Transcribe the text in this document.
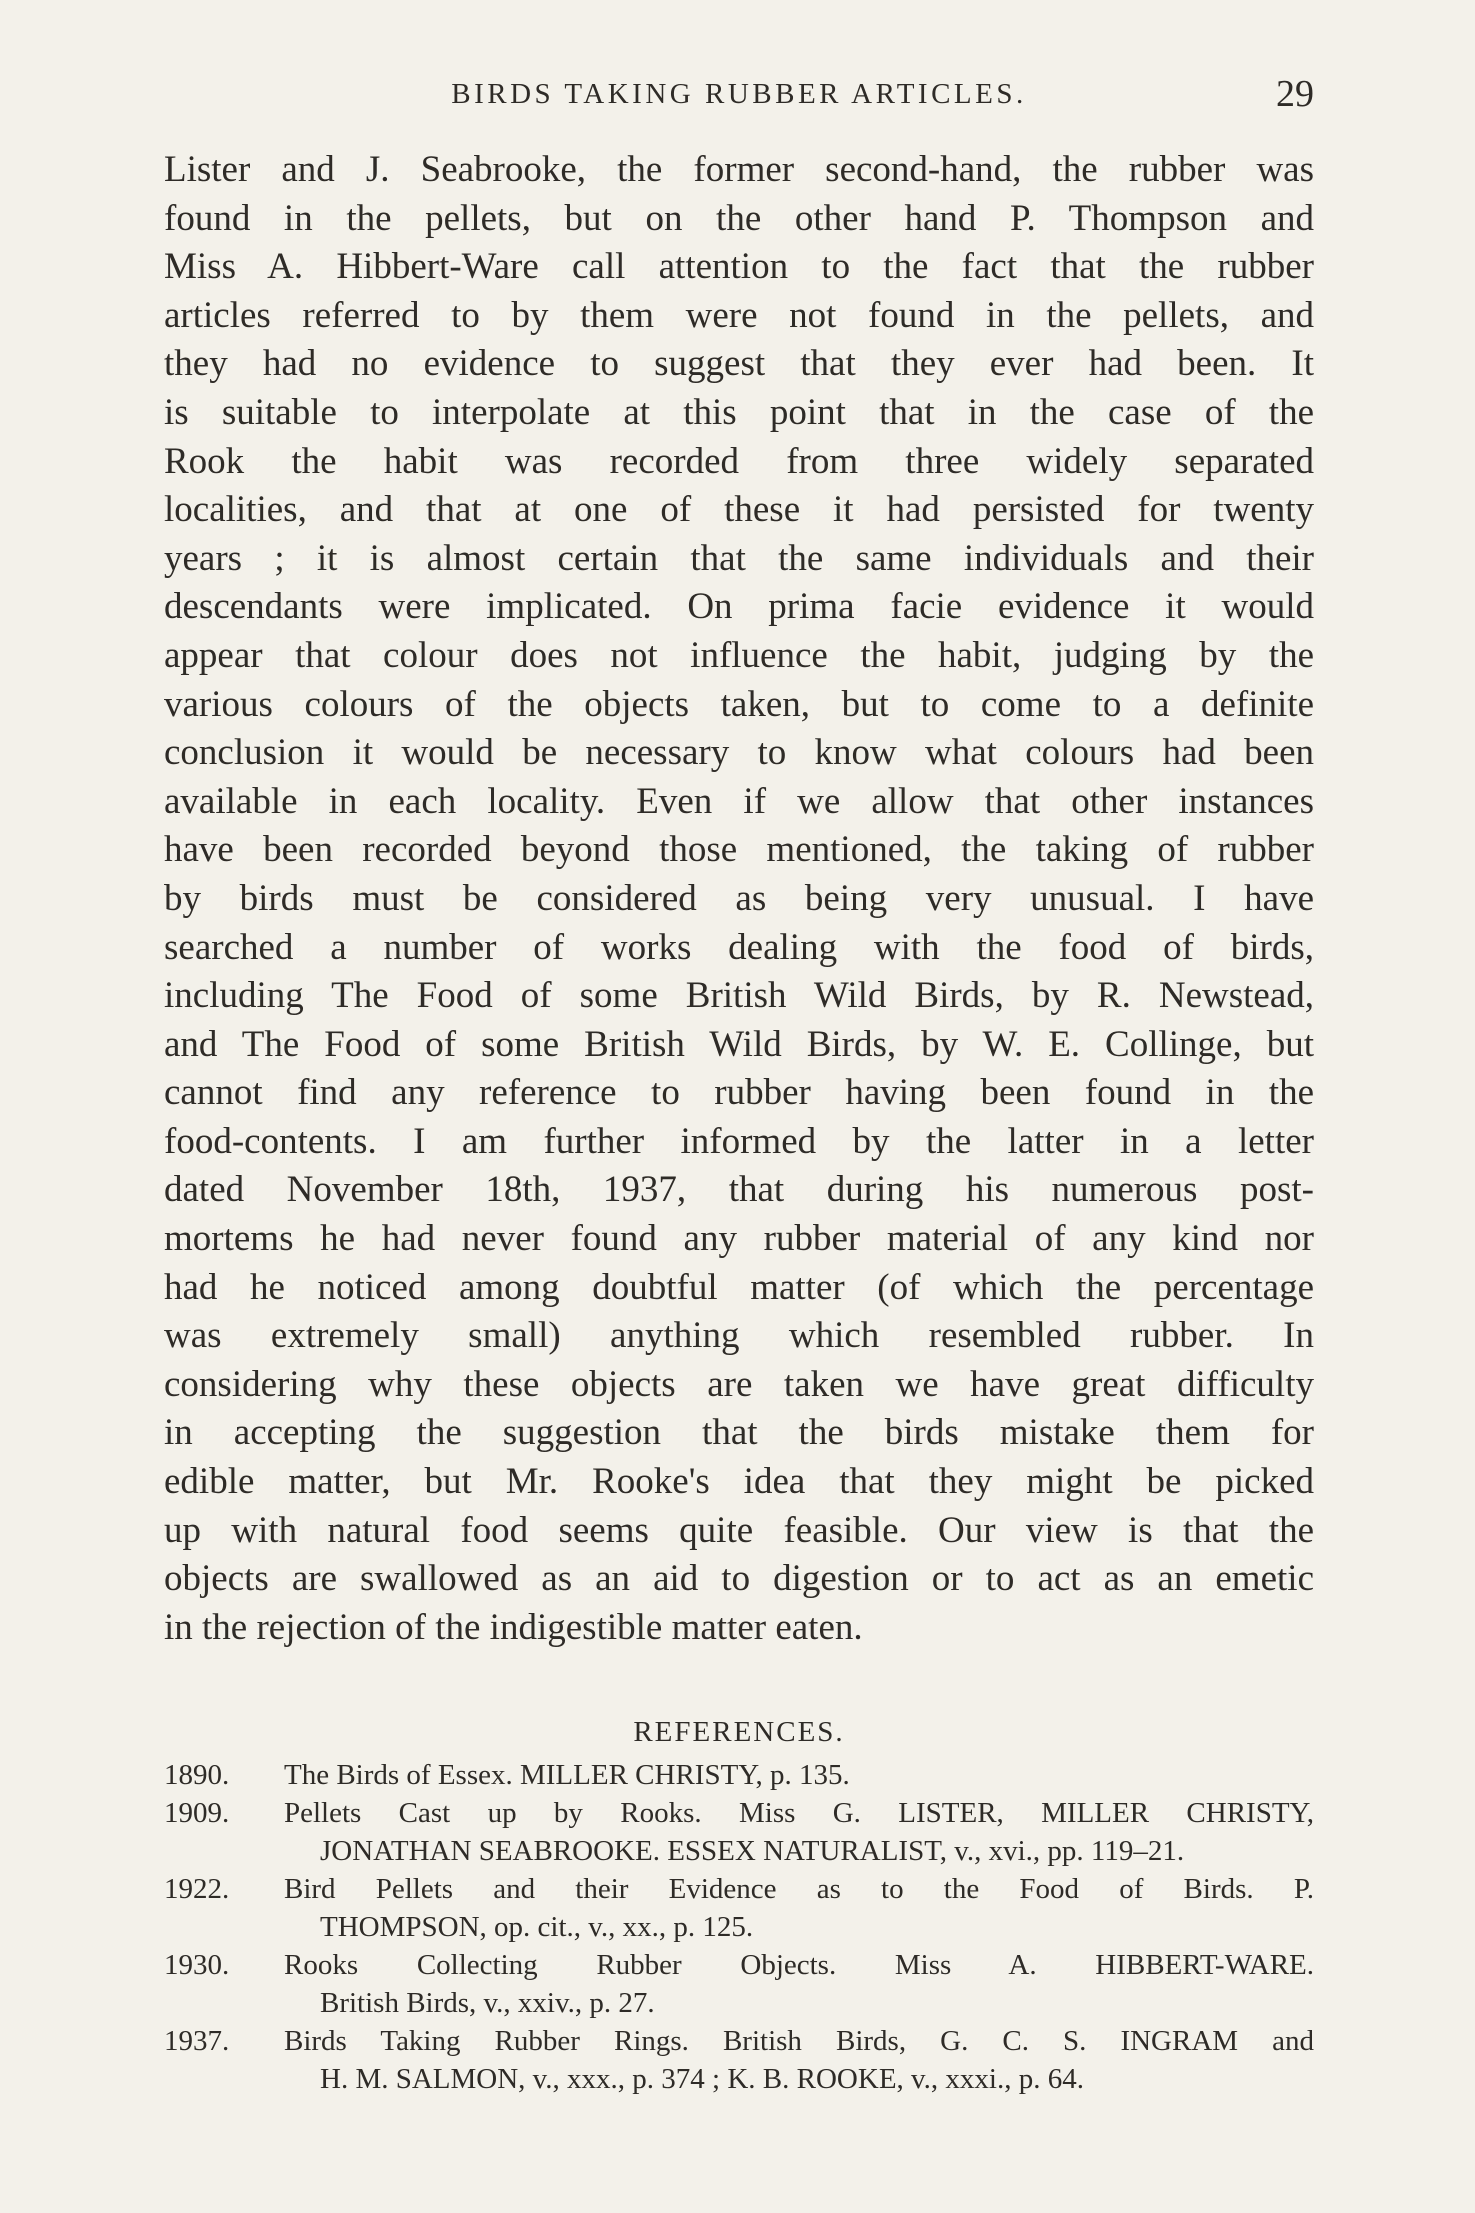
BIRDS TAKING RUBBER ARTICLES.	29
Lister and J. Seabrooke, the former second-hand, the rubber was
found in the pellets, but on the other hand P. Thompson and
Miss A. Hibbert-Ware call attention to the fact that the rubber
articles referred to by them were not found in the pellets, and
they had no evidence to suggest that they ever had been. It
is suitable to interpolate at this point that in the case of the
Rook the habit was recorded from three widely separated
localities, and that at one of these it had persisted for twenty
years ; it is almost certain that the same individuals and their
descendants were implicated. On prima facie evidence it would
appear that colour does not influence the habit, judging by the
various colours of the objects taken, but to come to a definite
conclusion it would be necessary to know what colours had been
available in each locality. Even if we allow that other instances
have been recorded beyond those mentioned, the taking of rubber
by birds must be considered as being very unusual. I have
searched a number of works dealing with the food of birds,
including The Food of some British Wild Birds, by R. Newstead,
and The Food of some British Wild Birds, by W. E. Collinge, but
cannot find any reference to rubber having been found in the
food-contents. I am further informed by the latter in a letter
dated November 18th, 1937, that during his numerous post-
mortems he had never found any rubber material of any kind nor
had he noticed among doubtful matter (of which the percentage
was extremely small) anything which resembled rubber. In
considering why these objects are taken we have great difficulty
in accepting the suggestion that the birds mistake them for
edible matter, but Mr. Rooke's idea that they might be picked
up with natural food seems quite feasible. Our view is that the
objects are swallowed as an aid to digestion or to act as an emetic
in the rejection of the indigestible matter eaten.
REFERENCES.
1890. The Birds of Essex. MILLER CHRISTY, p. 135.
1909. Pellets Cast up by Rooks. Miss G. LISTER, MILLER CHRISTY,
JONATHAN SEABROOKE. ESSEX NATURALIST, v., xvi., pp. 119–21.
1922. Bird Pellets and their Evidence as to the Food of Birds. P.
THOMPSON, op. cit., v., xx., p. 125.
1930. Rooks Collecting Rubber Objects. Miss A. HIBBERT-WARE.
British Birds, v., xxiv., p. 27.
1937. Birds Taking Rubber Rings. British Birds, G. C. S. INGRAM and
H. M. SALMON, v., xxx., p. 374 ; K. B. ROOKE, v., xxxi., p. 64.
